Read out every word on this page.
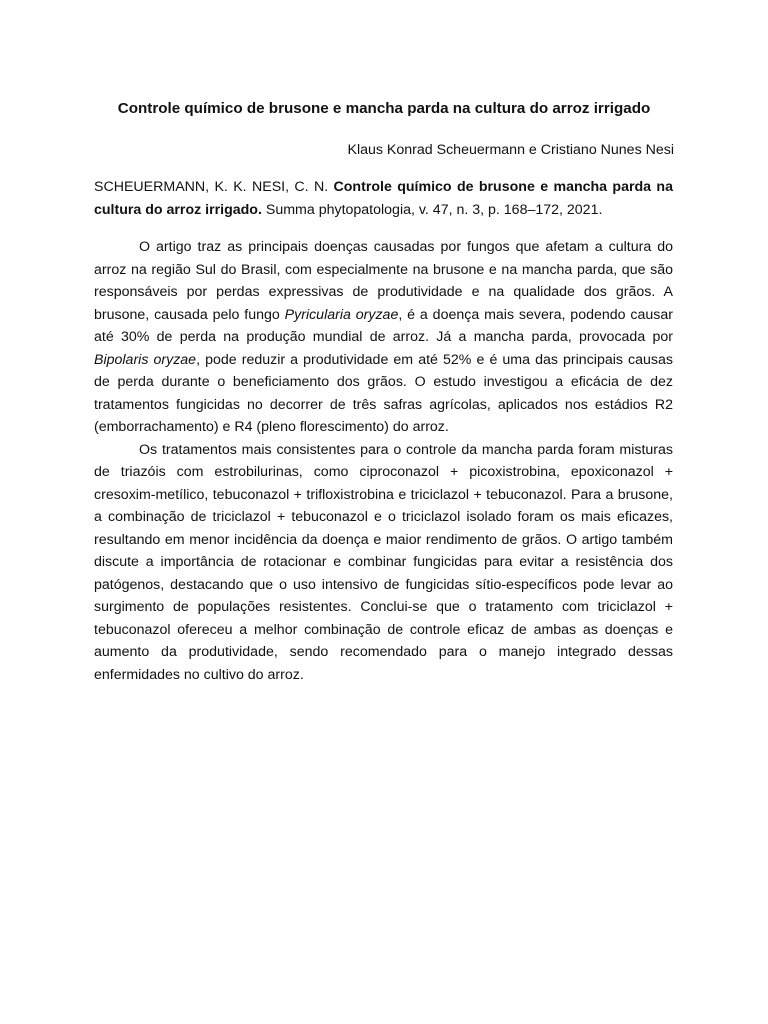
Controle químico de brusone e mancha parda na cultura do arroz irrigado
Klaus Konrad Scheuermann e Cristiano Nunes Nesi

SCHEUERMANN, K. K. NESI, C. N. Controle químico de brusone e mancha parda na cultura do arroz irrigado. Summa phytopatologia, v. 47, n. 3, p. 168–172, 2021.

O artigo traz as principais doenças causadas por fungos que afetam a cultura do arroz na região Sul do Brasil, com especialmente na brusone e na mancha parda, que são responsáveis por perdas expressivas de produtividade e na qualidade dos grãos. A brusone, causada pelo fungo Pyricularia oryzae, é a doença mais severa, podendo causar até 30% de perda na produção mundial de arroz. Já a mancha parda, provocada por Bipolaris oryzae, pode reduzir a produtividade em até 52% e é uma das principais causas de perda durante o beneficiamento dos grãos. O estudo investigou a eficácia de dez tratamentos fungicidas no decorrer de três safras agrícolas, aplicados nos estádios R2 (emborrachamento) e R4 (pleno florescimento) do arroz.

Os tratamentos mais consistentes para o controle da mancha parda foram misturas de triazóis com estrobilurinas, como ciproconazol + picoxistrobina, epoxiconazol + cresoxim-metílico, tebuconazol + trifloxistrobina e triciclazol + tebuconazol. Para a brusone, a combinação de triciclazol + tebuconazol e o triciclazol isolado foram os mais eficazes, resultando em menor incidência da doença e maior rendimento de grãos. O artigo também discute a importância de rotacionar e combinar fungicidas para evitar a resistência dos patógenos, destacando que o uso intensivo de fungicidas sítio-específicos pode levar ao surgimento de populações resistentes. Conclui-se que o tratamento com triciclazol + tebuconazol ofereceu a melhor combinação de controle eficaz de ambas as doenças e aumento da produtividade, sendo recomendado para o manejo integrado dessas enfermidades no cultivo do arroz.
